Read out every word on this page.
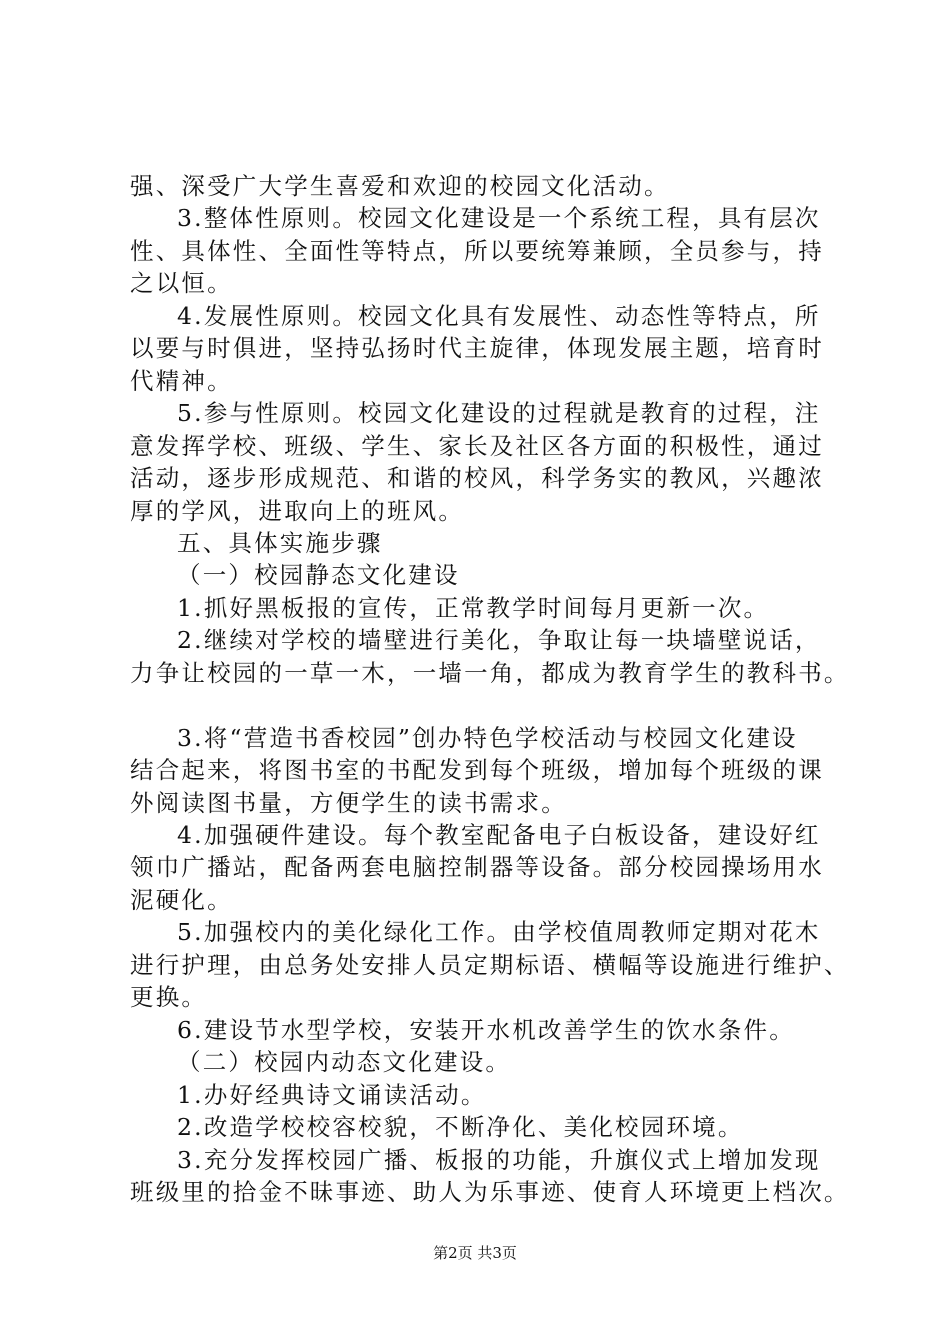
强、深受广大学生喜爱和欢迎的校园文化活动。
3.整体性原则。校园文化建设是一个系统工程，具有层次
性、具体性、全面性等特点，所以要统筹兼顾，全员参与，持
之以恒。
4.发展性原则。校园文化具有发展性、动态性等特点，所
以要与时俱进，坚持弘扬时代主旋律，体现发展主题，培育时
代精神。
5.参与性原则。校园文化建设的过程就是教育的过程，注
意发挥学校、班级、学生、家长及社区各方面的积极性，通过
活动，逐步形成规范、和谐的校风，科学务实的教风，兴趣浓
厚的学风，进取向上的班风。
五、具体实施步骤
（一）校园静态文化建设
1.抓好黑板报的宣传，正常教学时间每月更新一次。
2.继续对学校的墙壁进行美化，争取让每一块墙壁说话，
力争让校园的一草一木，一墙一角，都成为教育学生的教科书。
3.将“营造书香校园”创办特色学校活动与校园文化建设
结合起来，将图书室的书配发到每个班级，增加每个班级的课
外阅读图书量，方便学生的读书需求。
4.加强硬件建设。每个教室配备电子白板设备，建设好红
领巾广播站，配备两套电脑控制器等设备。部分校园操场用水
泥硬化。
5.加强校内的美化绿化工作。由学校值周教师定期对花木
进行护理，由总务处安排人员定期标语、横幅等设施进行维护、
更换。
6.建设节水型学校，安装开水机改善学生的饮水条件。
（二）校园内动态文化建设。
1.办好经典诗文诵读活动。
2.改造学校校容校貌，不断净化、美化校园环境。
3.充分发挥校园广播、板报的功能，升旗仪式上增加发现
班级里的拾金不昧事迹、助人为乐事迹、使育人环境更上档次。
第2页 共3页
